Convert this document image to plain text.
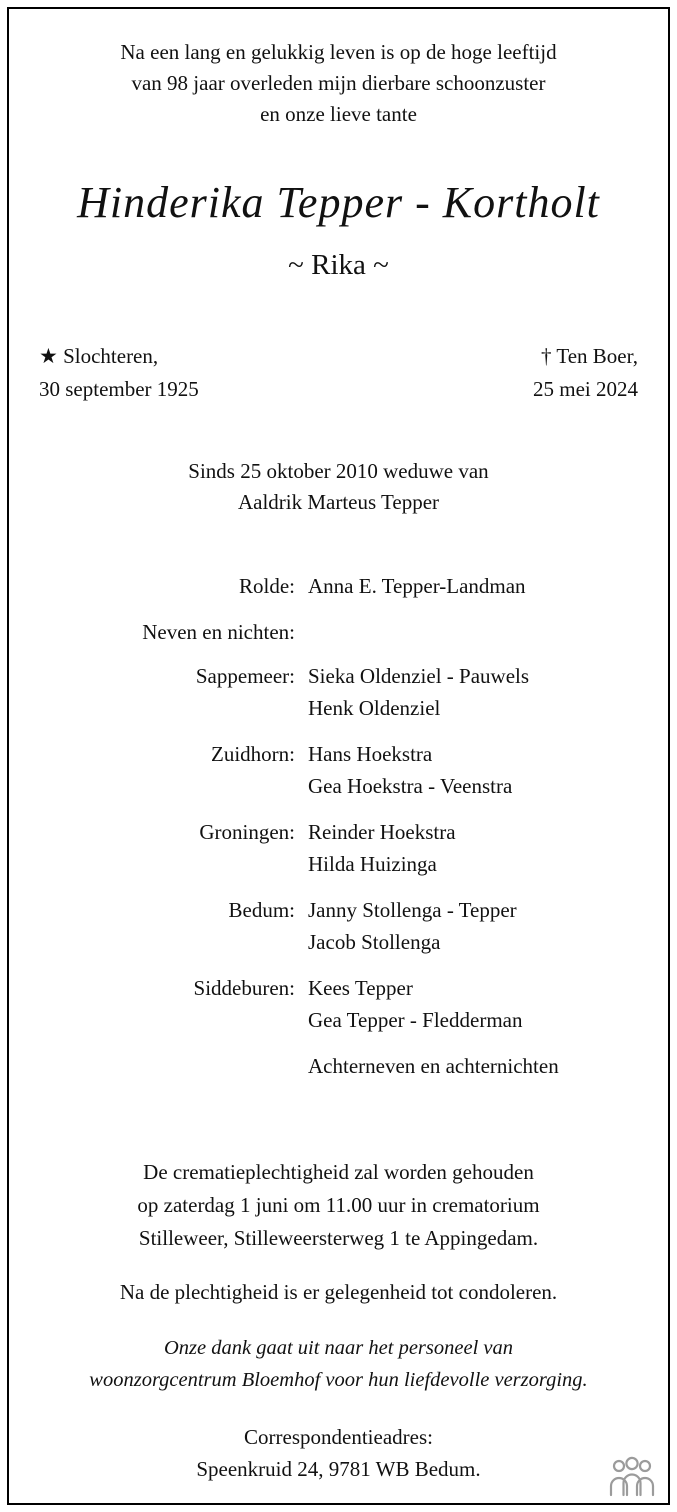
Na een lang en gelukkig leven is op de hoge leeftijd
van 98 jaar overleden mijn dierbare schoonzuster
en onze lieve tante
Hinderika Tepper - Kortholt
~ Rika ~
★ Slochteren,
30 september 1925
† Ten Boer,
25 mei 2024
Sinds 25 oktober 2010 weduwe van
Aaldrik Marteus Tepper
Rolde: Anna E. Tepper-Landman
Neven en nichten:
Sappemeer: Sieka Oldenziel - Pauwels
Henk Oldenziel
Zuidhorn: Hans Hoekstra
Gea Hoekstra - Veenstra
Groningen: Reinder Hoekstra
Hilda Huizinga
Bedum: Janny Stollenga - Tepper
Jacob Stollenga
Siddeburen: Kees Tepper
Gea Tepper - Fledderman
Achterneven en achternichten
De crematieplechtigheid zal worden gehouden
op zaterdag 1 juni om 11.00 uur in crematorium
Stilleweer, Stilleweersterweg 1 te Appingedam.
Na de plechtigheid is er gelegenheid tot condoleren.
Onze dank gaat uit naar het personeel van
woonzorgcentrum Bloemhof voor hun liefdevolle verzorging.
Correspondentieadres:
Speenkruid 24, 9781 WB Bedum.
